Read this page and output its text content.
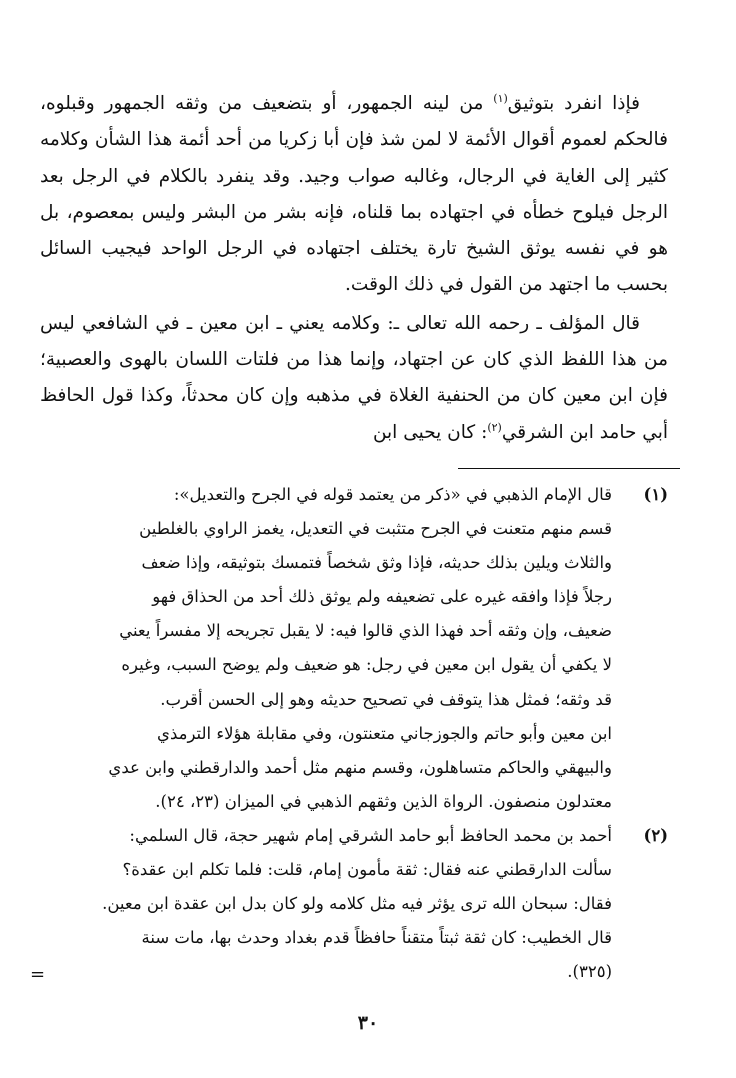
فإذا انفرد بتوثيق$^{(١)}$ من لينه الجمهور، أو بتضعيف من وثقه الجمهور وقبلوه، فالحكم لعموم أقوال الأئمة لا لمن شذ فإن أبا زكريا من أحد أئمة هذا الشأن وكلامه كثير إلى الغاية في الرجال، وغالبه صواب وجيد. وقد ينفرد بالكلام في الرجل بعد الرجل فيلوح خطأه في اجتهاده بما قلناه، فإنه بشر من البشر وليس بمعصوم، بل هو في نفسه يوثق الشيخ تارة يختلف اجتهاده في الرجل الواحد فيجيب السائل بحسب ما اجتهد من القول في ذلك الوقت.

قال المؤلف ـ رحمه الله تعالى ـ: وكلامه يعني ـ ابن معين ـ في الشافعي ليس من هذا اللفظ الذي كان عن اجتهاد، وإنما هذا من فلتات اللسان بالهوى والعصبية؛ فإن ابن معين كان من الحنفية الغلاة في مذهبه وإن كان محدثاً، وكذا قول الحافظ أبي حامد ابن الشرقي$^{(٢)}$: كان يحيى ابن

(١)
قال الإمام الذهبي في «ذكر من يعتمد قوله في الجرح والتعديل»:
قسم منهم متعنت في الجرح متثبت في التعديل، يغمز الراوي بالغلطين
والثلاث ويلين بذلك حديثه، فإذا وثق شخصاً فتمسك بتوثيقه، وإذا ضعف
رجلاً فإذا وافقه غيره على تضعيفه ولم يوثق ذلك أحد من الحذاق فهو
ضعيف، وإن وثقه أحد فهذا الذي قالوا فيه: لا يقبل تجريحه إلا مفسراً يعني
لا يكفي أن يقول ابن معين في رجل: هو ضعيف ولم يوضح السبب، وغيره
قد وثقه؛ فمثل هذا يتوقف في تصحيح حديثه وهو إلى الحسن أقرب.
ابن معين وأبو حاتم والجوزجاني متعنتون، وفي مقابلة هؤلاء الترمذي
والبيهقي والحاكم متساهلون، وقسم منهم مثل أحمد والدارقطني وابن عدي
معتدلون منصفون. الرواة الذين وثقهم الذهبي في الميزان (٢٣، ٢٤).
(٢)
أحمد بن محمد الحافظ أبو حامد الشرقي إمام شهير حجة، قال السلمي:
سألت الدارقطني عنه فقال: ثقة مأمون إمام، قلت: فلما تكلم ابن عقدة؟
فقال: سبحان الله ترى يؤثر فيه مثل كلامه ولو كان بدل ابن عقدة ابن معين.
قال الخطيب: كان ثقة ثبتاً متقناً حافظاً قدم بغداد وحدث بها، مات سنة
(٣٢٥).
=
٣٠
